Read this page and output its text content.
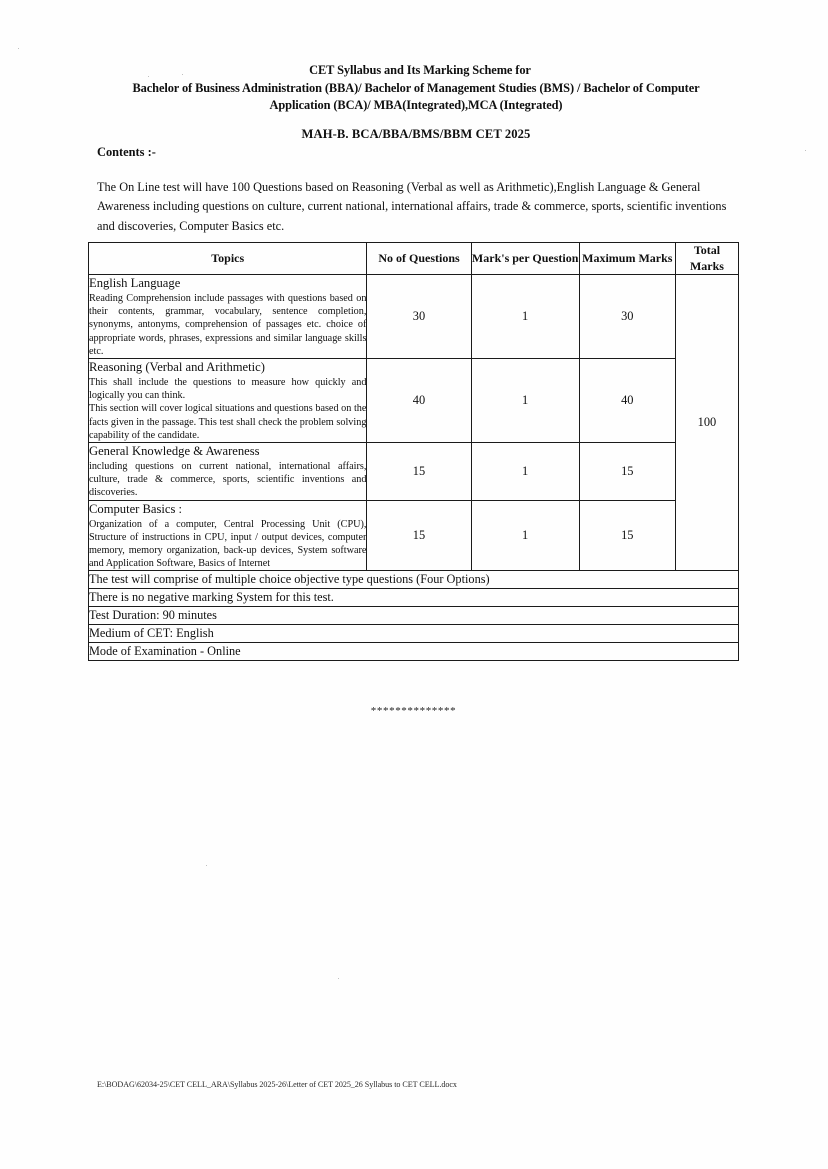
CET Syllabus and Its Marking Scheme for
Bachelor of Business Administration (BBA)/ Bachelor of Management Studies (BMS) / Bachelor of Computer
Application (BCA)/ MBA(Integrated),MCA (Integrated)
MAH-B. BCA/BBA/BMS/BBM CET 2025
Contents :-
The On Line test will have 100 Questions based on Reasoning (Verbal as well as Arithmetic),English Language & General Awareness including questions on culture, current national, international affairs, trade & commerce, sports, scientific inventions and discoveries, Computer Basics etc.
Topics	No of Questions	Mark's per Question	Maximum Marks	Total Marks

English Language

Reading Comprehension include passages with questions based on their contents, grammar, vocabulary, sentence completion, synonyms, antonyms, comprehension of passages etc. choice of appropriate words, phrases, expressions and similar language skills etc.	30	1	30	100

Reasoning (Verbal and Arithmetic)

This shall include the questions to measure how quickly and logically you can think.

This section will cover logical situations and questions based on the facts given in the passage. This test shall check the problem solving capability of the candidate.	40	1	40	

General Knowledge & Awareness

including questions on current national, international affairs, culture, trade & commerce, sports, scientific inventions and discoveries.	15	1	15	

Computer Basics :

Organization of a computer, Central Processing Unit (CPU), Structure of instructions in CPU, input / output devices, computer memory, memory organization, back-up devices, System software and Application Software, Basics of Internet	15	1	15	
The test will comprise of multiple choice objective type questions (Four Options)				
There is no negative marking System for this test.				
Test Duration: 90 minutes				
Medium of CET: English				
Mode of Examination - Online				
**************
E:\BODAG\62034-25\CET CELL_ARA\Syllabus 2025-26\Letter of CET 2025_26 Syllabus to CET CELL.docx
